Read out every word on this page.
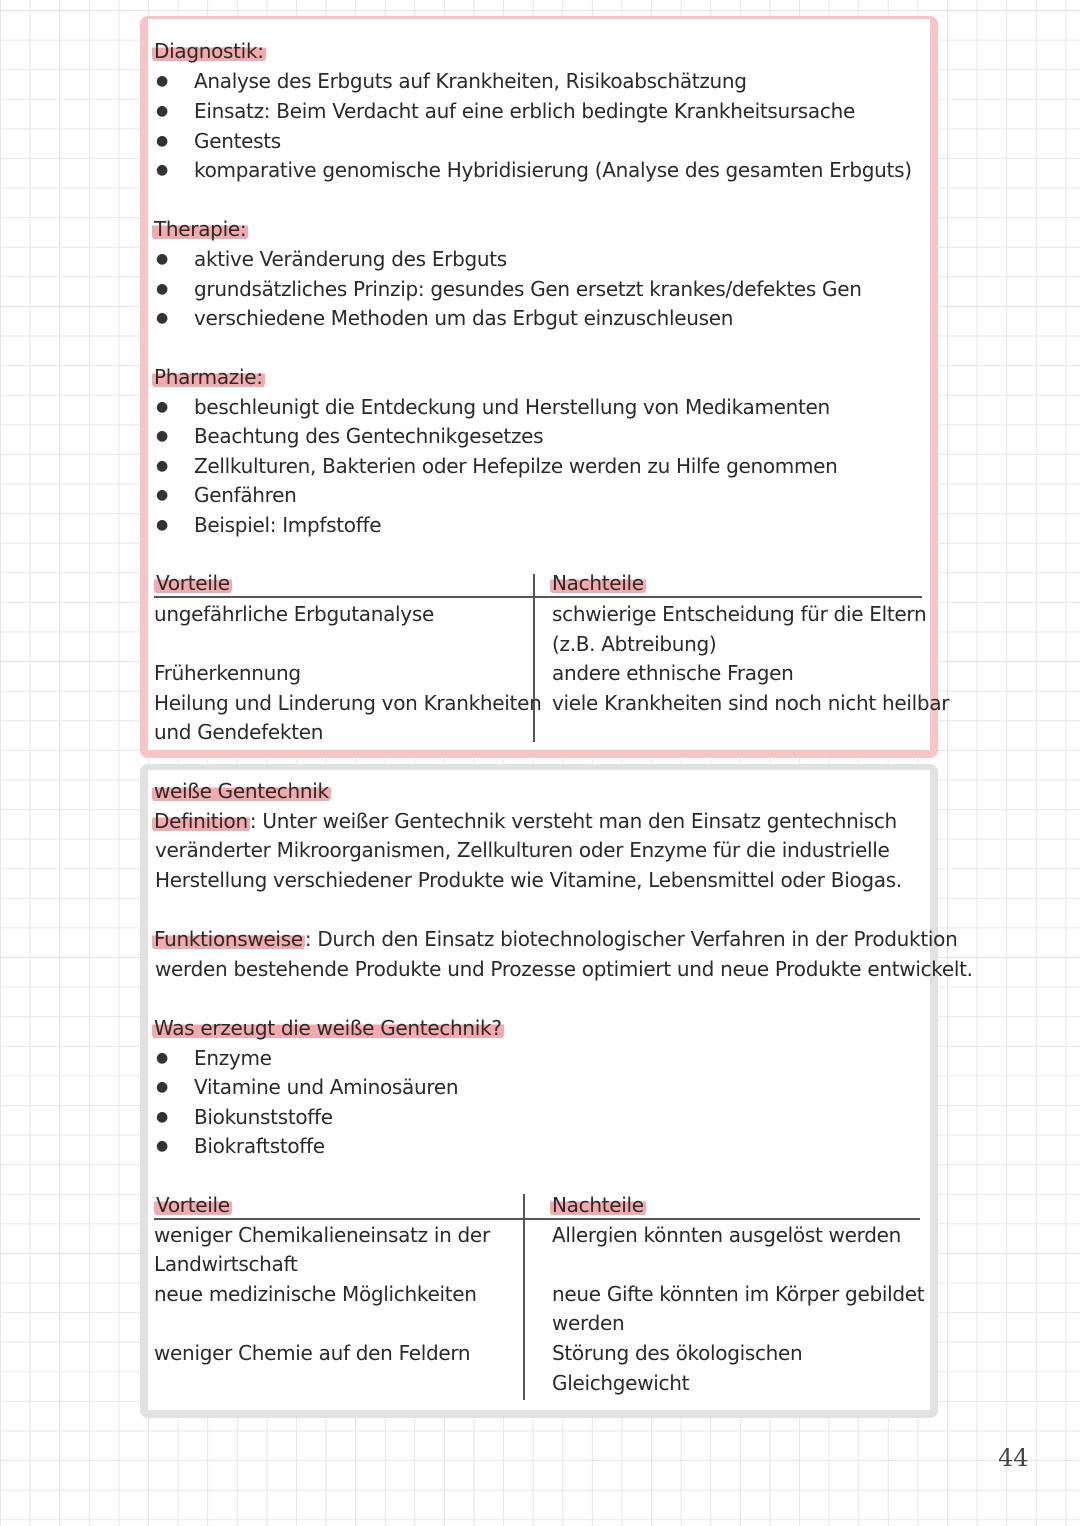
Diagnostik:
● Analyse des Erbguts auf Krankheiten, Risikoabschätzung
● Einsatz: Beim Verdacht auf eine erblich bedingte Krankheitsursache
● Gentests
● komparative genomische Hybridisierung (Analyse des gesamten Erbguts)
Therapie:
● aktive Veränderung des Erbguts
● grundsätzliches Prinzip: gesundes Gen ersetzt krankes/defektes Gen
● verschiedene Methoden um das Erbgut einzuschleusen
Pharmazie:
● beschleunigt die Entdeckung und Herstellung von Medikamenten
● Beachtung des Gentechnikgesetzes
● Zellkulturen, Bakterien oder Hefepilze werden zu Hilfe genommen
● Genfähren
● Beispiel: Impfstoffe
Vorteile	Nachteile
ungefährliche Erbgutanalyse
Früherkennung
Heilung und Linderung von Krankheiten
und Gendefekten
schwierige Entscheidung für die Eltern
(z.B. Abtreibung)
andere ethnische Fragen
viele Krankheiten sind noch nicht heilbar
weiße Gentechnik
Definition : Unter weißer Gentechnik versteht man den Einsatz gentechnisch
veränderter Mikroorganismen, Zellkulturen oder Enzyme für die industrielle
Herstellung verschiedener Produkte wie Vitamine, Lebensmittel oder Biogas.
Funktionsweise : Durch den Einsatz biotechnologischer Verfahren in der Produktion
werden bestehende Produkte und Prozesse optimiert und neue Produkte entwickelt.
Was erzeugt die weiße Gentechnik?
● Enzyme
● Vitamine und Aminosäuren
● Biokunststoffe
● Biokraftstoffe
Vorteile	Nachteile
weniger Chemikalieneinsatz in der
Landwirtschaft
neue medizinische Möglichkeiten
weniger Chemie auf den Feldern
Allergien könnten ausgelöst werden
neue Gifte könnten im Körper gebildet
werden
Störung des ökologischen
Gleichgewicht
44
